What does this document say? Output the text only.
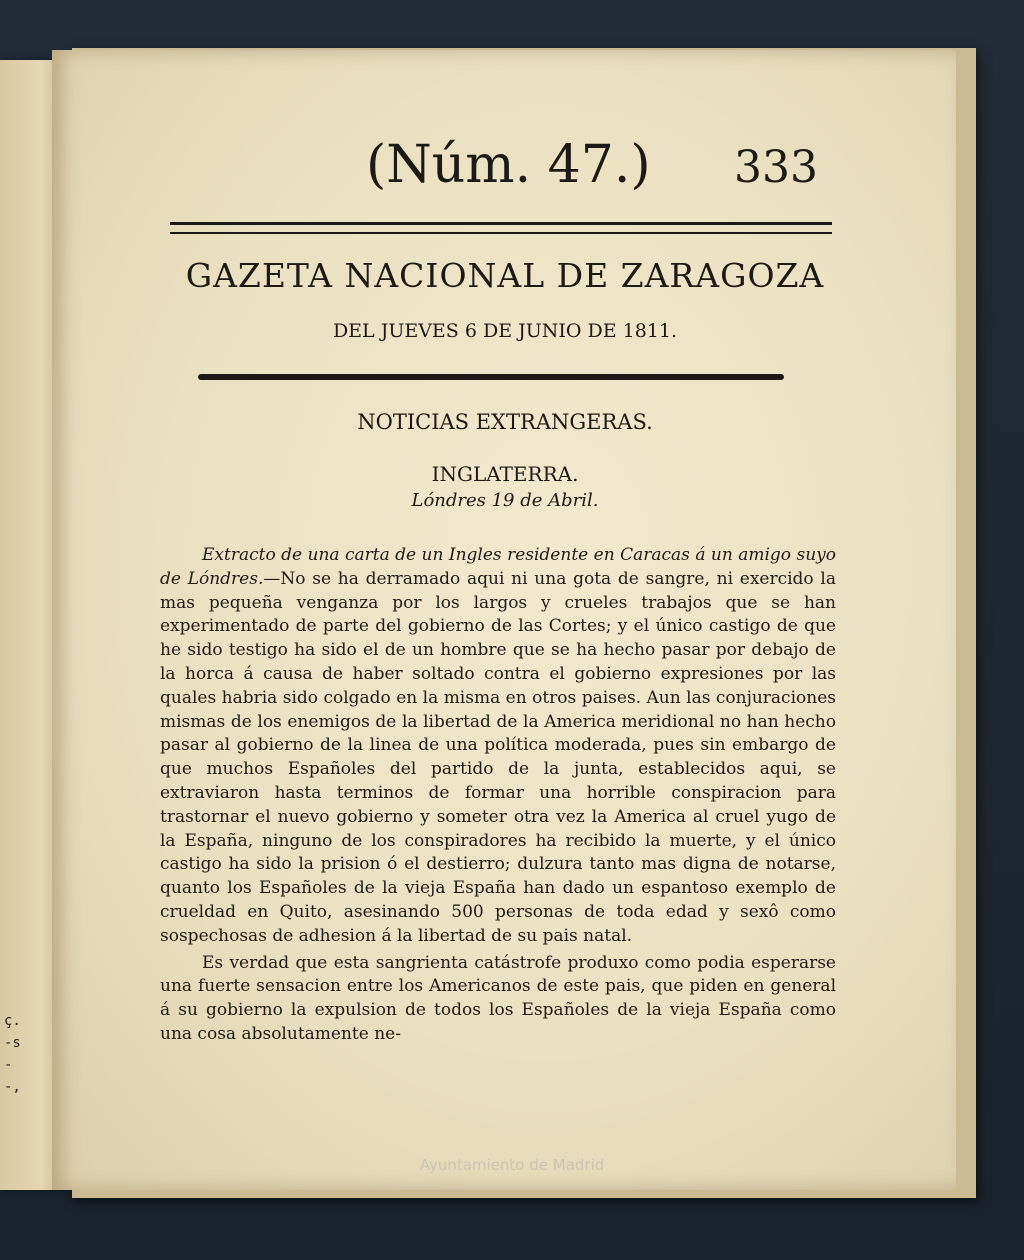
ç.
-s
-
-,
(Núm. 47.) 333
GAZETA NACIONAL DE ZARAGOZA
DEL JUEVES 6 DE JUNIO DE 1811.
NOTICIAS EXTRANGERAS.
INGLATERRA.
Lóndres 19 de Abril.

Extracto de una carta de un Ingles residente en Caracas á un amigo suyo de Lóndres.—No se ha derramado aqui ni una gota de sangre, ni exercido la mas pequeña venganza por los largos y crueles trabajos que se han experimentado de parte del gobierno de las Cortes; y el único castigo de que he sido testigo ha sido el de un hombre que se ha hecho pasar por debajo de la horca á causa de haber soltado contra el gobierno expresiones por las quales habria sido colgado en la misma en otros paises. Aun las conjuraciones mismas de los enemigos de la libertad de la America meridional no han hecho pasar al gobierno de la linea de una política moderada, pues sin embargo de que muchos Españoles del partido de la junta, establecidos aqui, se extraviaron hasta terminos de formar una horrible conspiracion para trastornar el nuevo gobierno y someter otra vez la America al cruel yugo de la España, ninguno de los conspiradores ha recibido la muerte, y el único castigo ha sido la prision ó el destierro; dulzura tanto mas digna de notarse, quanto los Españoles de la vieja España han dado un espantoso exemplo de crueldad en Quito, asesinando 500 personas de toda edad y sexô como sospechosas de adhesion á la libertad de su pais natal.

Es verdad que esta sangrienta catástrofe produxo como podia esperarse una fuerte sensacion entre los Americanos de este pais, que piden en general á su gobierno la expulsion de todos los Españoles de la vieja España como una cosa absolutamente ne-

Ayuntamiento de Madrid
